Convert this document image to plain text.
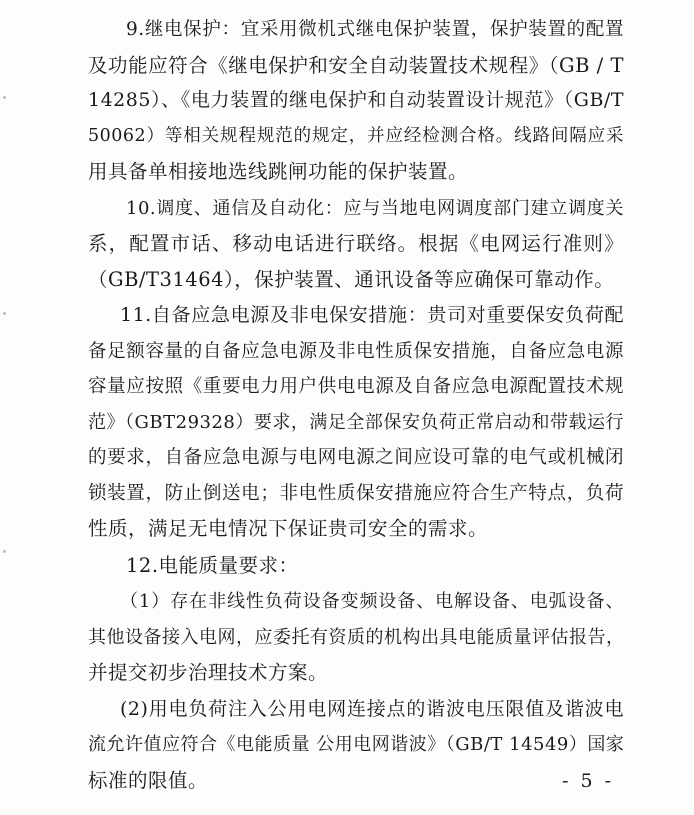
9.继电保护：宜采用微机式继电保护装置，保护装置的配置
及功能应符合《继电保护和安全自动装置技术规程》（GB / T
14285）、《电力装置的继电保护和自动装置设计规范》（GB/T
50062）等相关规程规范的规定，并应经检测合格。线路间隔应采
用具备单相接地选线跳闸功能的保护装置。
10.调度、通信及自动化：应与当地电网调度部门建立调度关
系，配置市话、移动电话进行联络。根据《电网运行准则》
（GB/T31464），保护装置、通讯设备等应确保可靠动作。
11.自备应急电源及非电保安措施：贵司对重要保安负荷配
备足额容量的自备应急电源及非电性质保安措施，自备应急电源
容量应按照《重要电力用户供电电源及自备应急电源配置技术规
范》（GBT29328）要求，满足全部保安负荷正常启动和带载运行
的要求，自备应急电源与电网电源之间应设可靠的电气或机械闭
锁装置，防止倒送电；非电性质保安措施应符合生产特点，负荷
性质，满足无电情况下保证贵司安全的需求。
12.电能质量要求：
（1）存在非线性负荷设备变频设备、电解设备、电弧设备、
其他设备接入电网，应委托有资质的机构出具电能质量评估报告，
并提交初步治理技术方案。
(2)用电负荷注入公用电网连接点的谐波电压限值及谐波电
流允许值应符合《电能质量 公用电网谐波》（GB/T 14549）国家
标准的限值。	- 5 -
